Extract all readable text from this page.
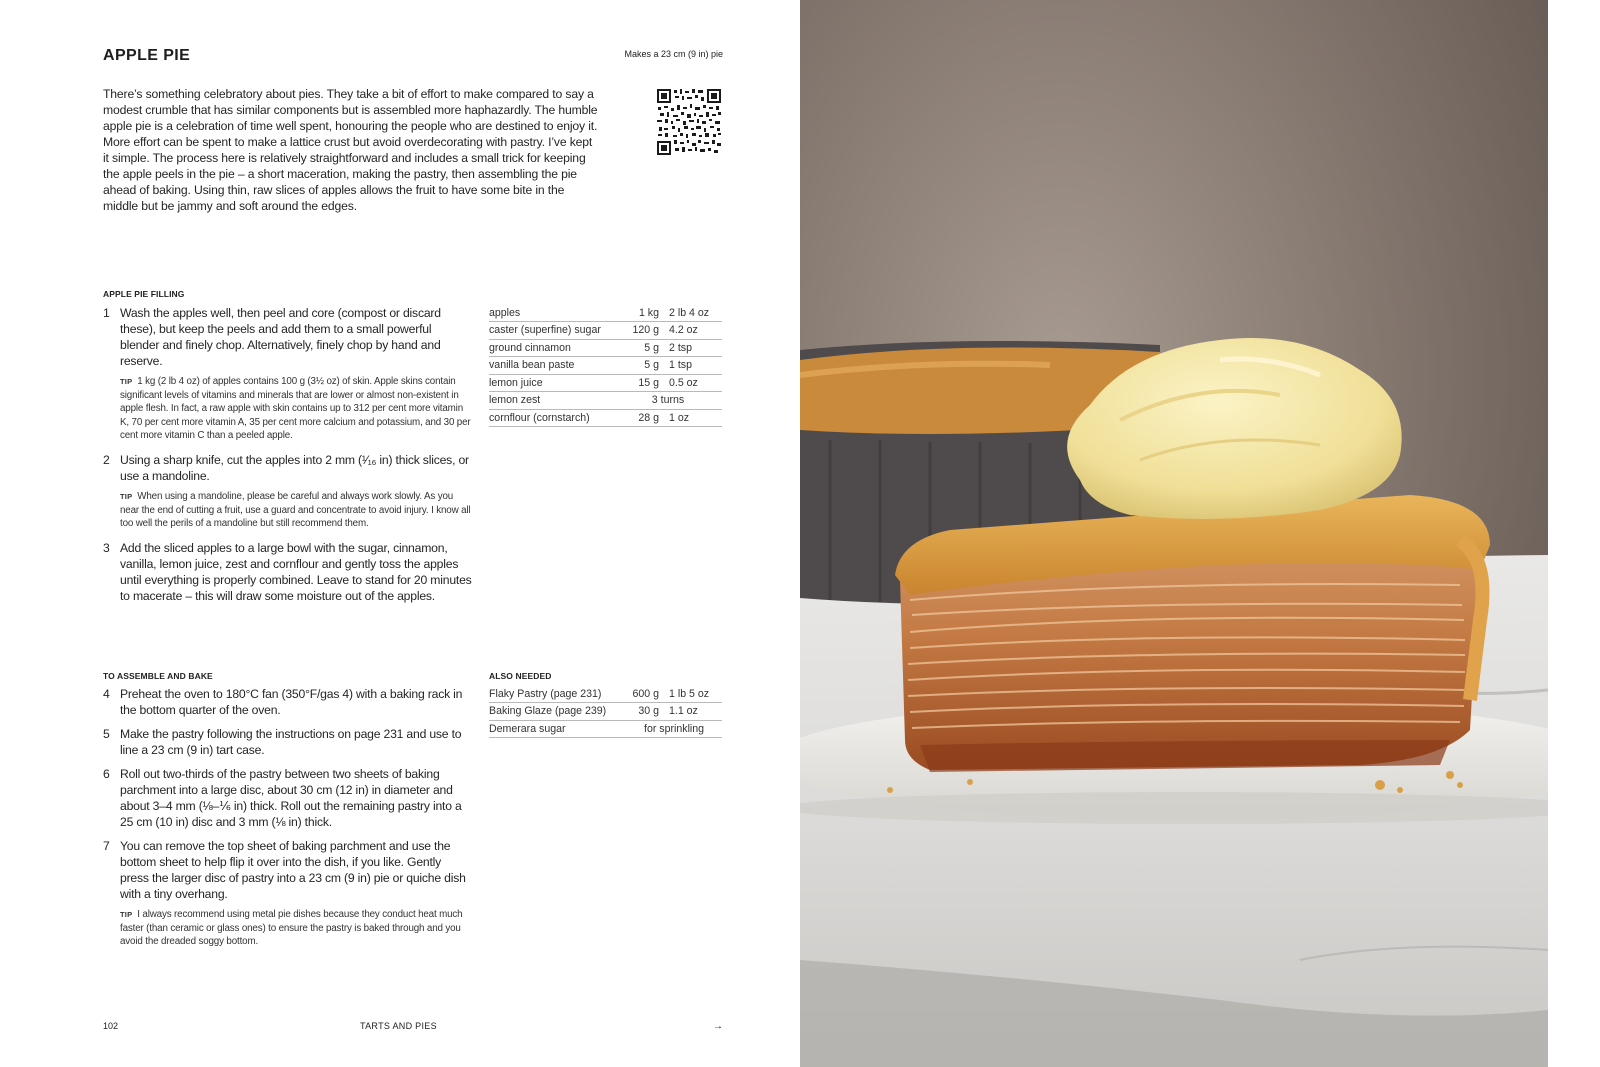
APPLE PIE	Makes a 23 cm (9 in) pie

There’s something celebratory about pies. They take a bit of effort to make compared to say a modest crumble that has similar components but is assembled more haphazardly. The humble apple pie is a celebration of time well spent, honouring the people who are destined to enjoy it. More effort can be spent to make a lattice crust but avoid overdecorating with pastry. I’ve kept it simple. The process here is relatively straightforward and includes a small trick for keeping the apple peels in the pie – a short maceration, making the pastry, then assembling the pie ahead of baking. Using thin, raw slices of apples allows the fruit to have some bite in the middle but be jammy and soft around the edges.

APPLE PIE FILLING
1 Wash the apples well, then peel and core (compost or discard these), but keep the peels and add them to a small powerful blender and finely chop. Alternatively, finely chop by hand and reserve.
TIP 1 kg (2 lb 4 oz) of apples contains 100 g (3½ oz) of skin. Apple skins contain significant levels of vitamins and minerals that are lower or almost non-existent in apple flesh. In fact, a raw apple with skin contains up to 312 per cent more vitamin K, 70 per cent more vitamin A, 35 per cent more calcium and potassium, and 30 per cent more vitamin C than a peeled apple.
2 Using a sharp knife, cut the apples into 2 mm (¹⁄₁₆ in) thick slices, or use a mandoline.
TIP When using a mandoline, please be careful and always work slowly. As you near the end of cutting a fruit, use a guard and concentrate to avoid injury. I know all too well the perils of a mandoline but still recommend them.
3 Add the sliced apples to a large bowl with the sugar, cinnamon, vanilla, lemon juice, zest and cornflour and gently toss the apples until everything is properly combined. Leave to stand for 20 minutes to macerate – this will draw some moisture out of the apples.
apples	1 kg	2 lb 4 oz
caster (superfine) sugar	120 g	4.2 oz
ground cinnamon	5 g	2 tsp
vanilla bean paste	5 g	1 tsp
lemon juice	15 g	0.5 oz
lemon zest	3 turns	
cornflour (cornstarch)	28 g	1 oz
TO ASSEMBLE AND BAKE
4 Preheat the oven to 180°C fan (350°F/gas 4) with a baking rack in the bottom quarter of the oven.
5 Make the pastry following the instructions on page 231 and use to line a 23 cm (9 in) tart case.
6 Roll out two-thirds of the pastry between two sheets of baking parchment into a large disc, about 30 cm (12 in) in diameter and about 3–4 mm (⅛–⅙ in) thick. Roll out the remaining pastry into a 25 cm (10 in) disc and 3 mm (⅛ in) thick.
7 You can remove the top sheet of baking parchment and use the bottom sheet to help flip it over into the dish, if you like. Gently press the larger disc of pastry into a 23 cm (9 in) pie or quiche dish with a tiny overhang.
TIP I always recommend using metal pie dishes because they conduct heat much faster (than ceramic or glass ones) to ensure the pastry is baked through and you avoid the dreaded soggy bottom.
ALSO NEEDED
Flaky Pastry (page 231)	600 g	1 lb 5 oz
Baking Glaze (page 239)	30 g	1.1 oz
Demerara sugar	for sprinkling	
102	TARTS AND PIES	→
